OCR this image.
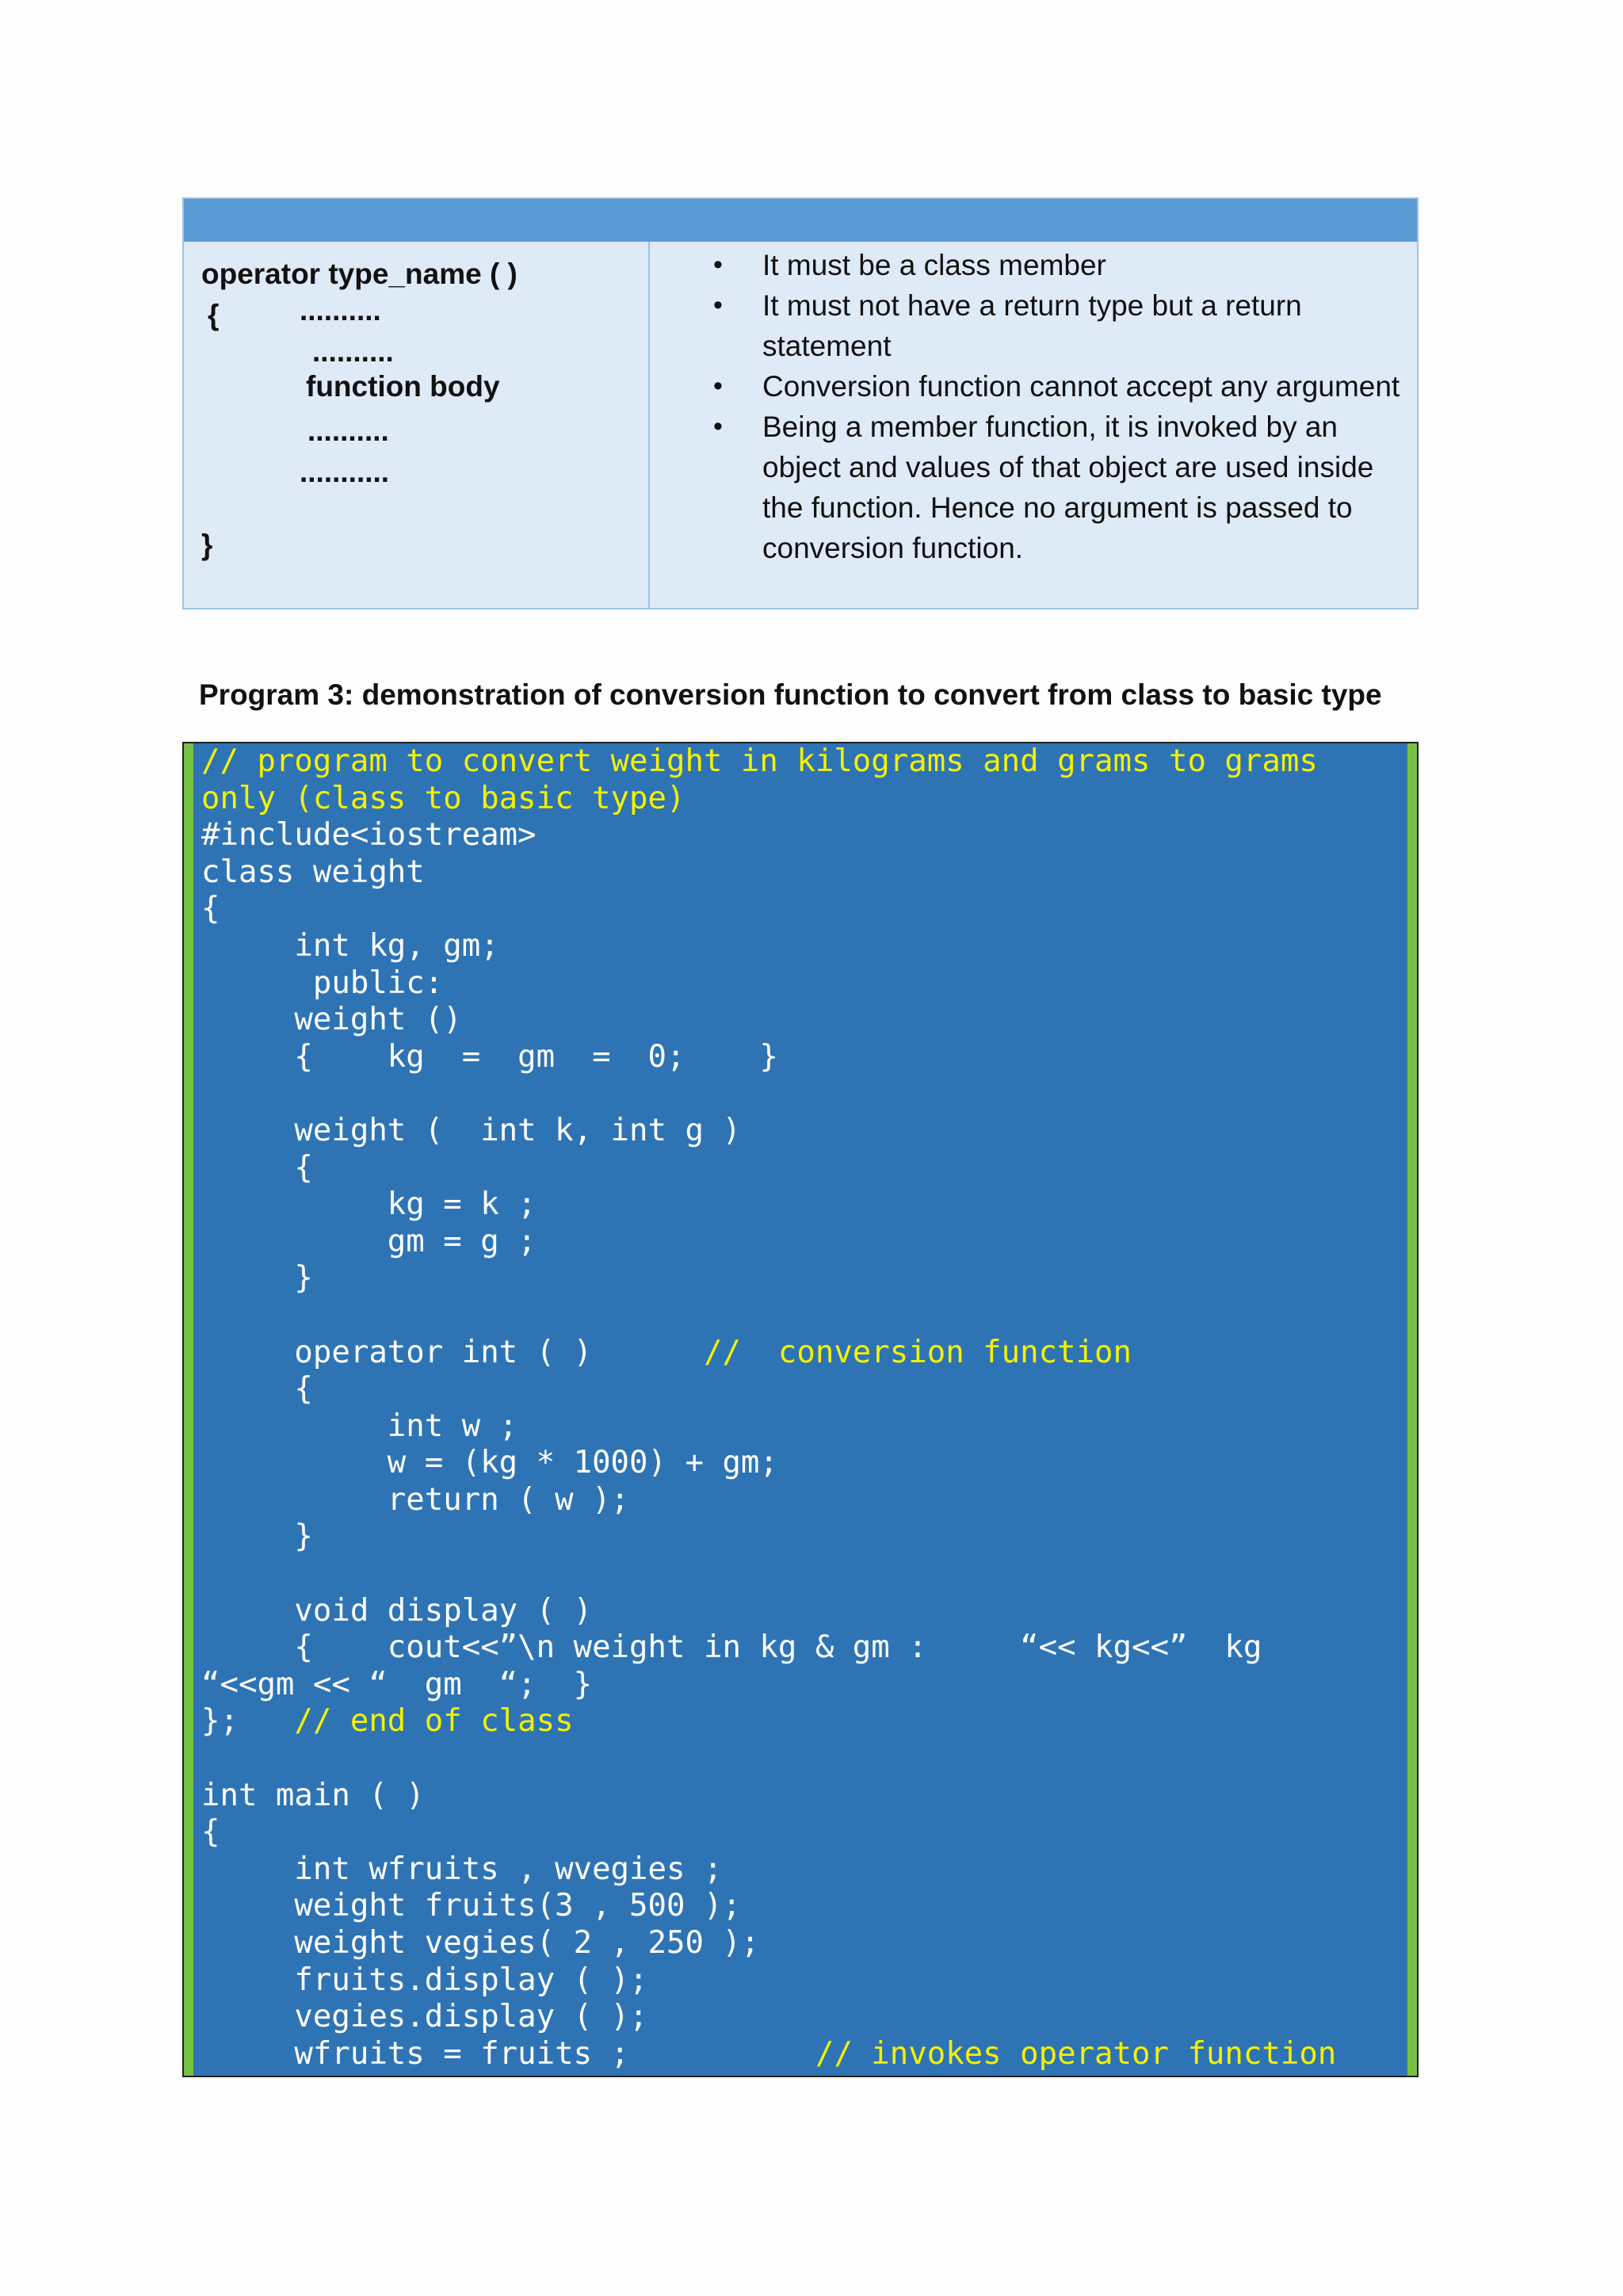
operator type_name ( )
{	..........
..........
function body
..........
...........
}
• It must be a class member
• It must not have a return type but a return statement
• Conversion function cannot accept any argument
• Being a member function, it is invoked by an object and values of that object are used inside the function. Hence no argument is passed to conversion function.
Program 3: demonstration of conversion function to convert from class to basic type
// program to convert weight in kilograms and grams to grams
only (class to basic type)
#include<iostream>
class weight
{
int kg, gm;
public:
weight ()
{    kg  =  gm  =  0;    }
weight (  int k, int g )
{
kg = k ;
gm = g ;
}
operator int ( )      //  conversion function
{
int w ;
w = (kg * 1000) + gm;
return ( w );
}
void display ( )
{    cout<<”\n weight in kg & gm :     “<< kg<<”  kg
“<<gm << “  gm  “;  }
};   // end of class
int main ( )
{
int wfruits , wvegies ;
weight fruits(3 , 500 );
weight vegies( 2 , 250 );
fruits.display ( );
vegies.display ( );
wfruits = fruits ;          // invokes operator function
